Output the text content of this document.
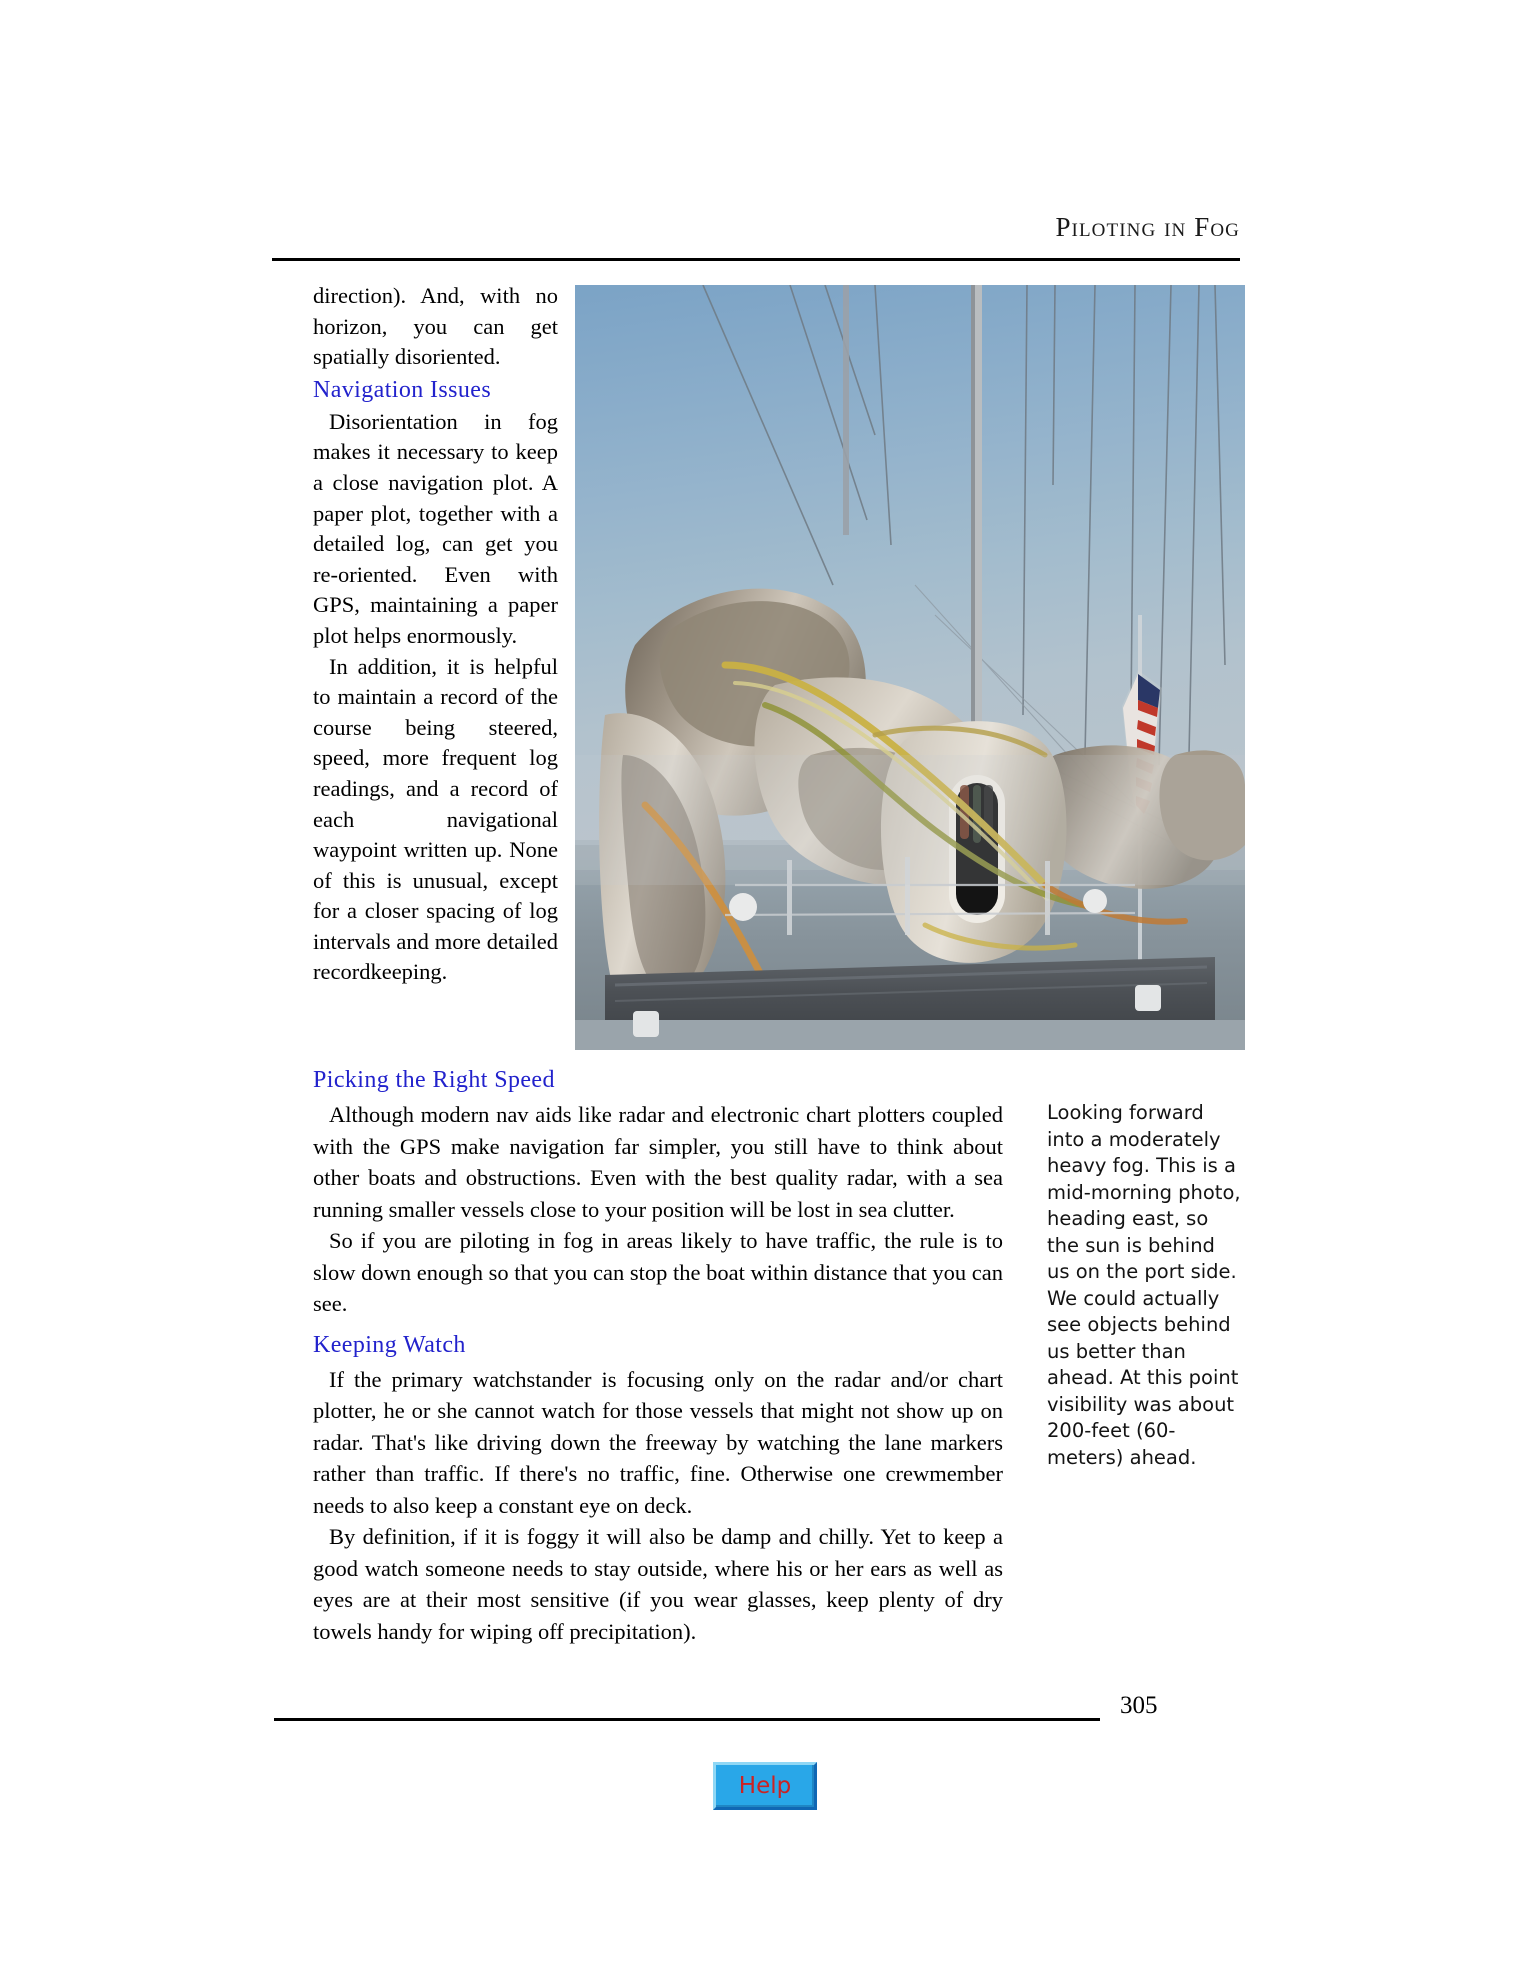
Piloting in Fog

direction). And, with no horizon, you can get spatially disoriented.

Navigation Issues

Disorientation in fog makes it necessary to keep a close navigation plot. A paper plot, together with a detailed log, can get you re-oriented. Even with GPS, maintaining a paper plot helps enormously.

In addition, it is helpful to maintain a record of the course being steered, speed, more frequent log readings, and a record of each navigational waypoint written up. None of this is unusual, except for a closer spacing of log intervals and more detailed recordkeeping.

Picking the Right Speed

Although modern nav aids like radar and electronic chart plotters coupled with the GPS make navigation far simpler, you still have to think about other boats and obstructions. Even with the best quality radar, with a sea running smaller vessels close to your position will be lost in sea clutter.

So if you are piloting in fog in areas likely to have traffic, the rule is to slow down enough so that you can stop the boat within distance that you can see.

Keeping Watch

If the primary watchstander is focusing only on the radar and/or chart plotter, he or she cannot watch for those vessels that might not show up on radar. That's like driving down the freeway by watching the lane markers rather than traffic. If there's no traffic, fine. Otherwise one crewmember needs to also keep a constant eye on deck.

By definition, if it is foggy it will also be damp and chilly. Yet to keep a good watch someone needs to stay outside, where his or her ears as well as eyes are at their most sensitive (if you wear glasses, keep plenty of dry towels handy for wiping off precipitation).

Looking forward into a moderately heavy fog. This is a mid-morning photo, heading east, so the sun is behind us on the port side. We could actually see objects behind us better than ahead. At this point visibility was about 200-feet (60-meters) ahead.
305
Help
